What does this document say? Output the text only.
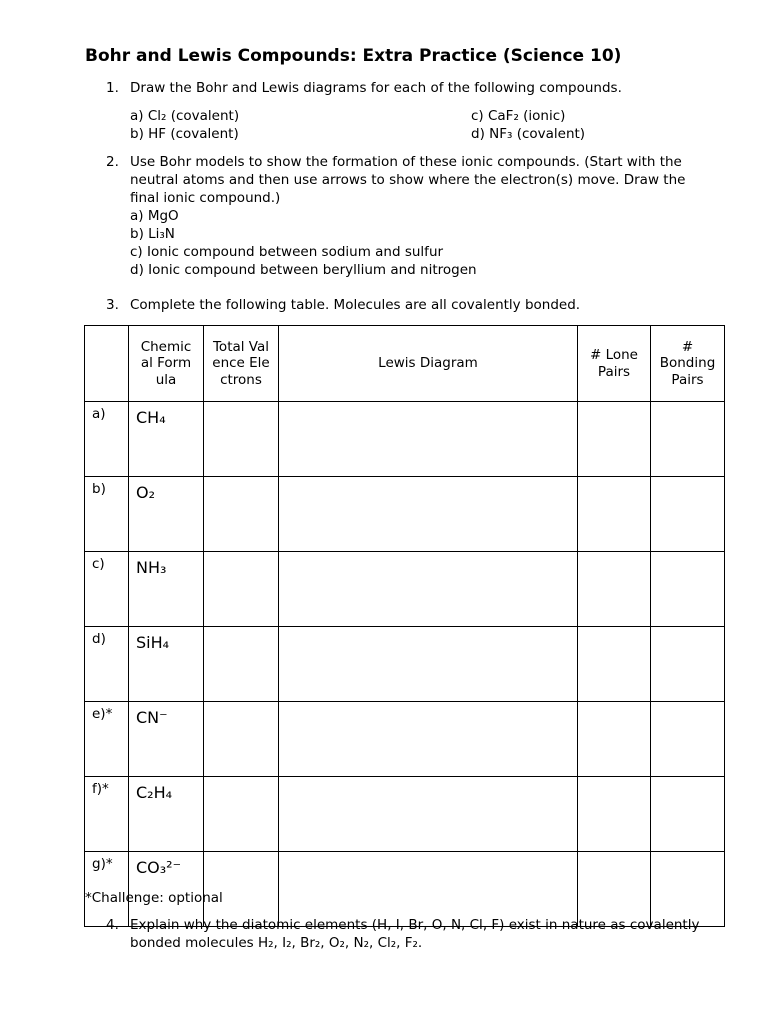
Bohr and Lewis Compounds: Extra Practice (Science 10)
1. Draw the Bohr and Lewis diagrams for each of the following compounds.
a) Cl₂ (covalent)
b) HF (covalent)
c) CaF₂ (ionic)
d) NF₃ (covalent)
2. Use Bohr models to show the formation of these ionic compounds. (Start with the neutral atoms and then use arrows to show where the electron(s) move. Draw the final ionic compound.)
a) MgO
b) Li₃N
c) Ionic compound between sodium and sulfur
d) Ionic compound between beryllium and nitrogen
3. Complete the following table. Molecules are all covalently bonded.
	Chemical Formula	Total Valence Electrons	Lewis Diagram	# Lone Pairs	# Bonding Pairs
a)	CH₄				
b)	O₂				
c)	NH₃				
d)	SiH₄				
e)*	CN⁻				
f)*	C₂H₄				
g)*	CO₃²⁻				
*Challenge: optional
4. Explain why the diatomic elements (H, I, Br, O, N, Cl, F) exist in nature as covalently bonded molecules H₂, I₂, Br₂, O₂, N₂, Cl₂, F₂.
